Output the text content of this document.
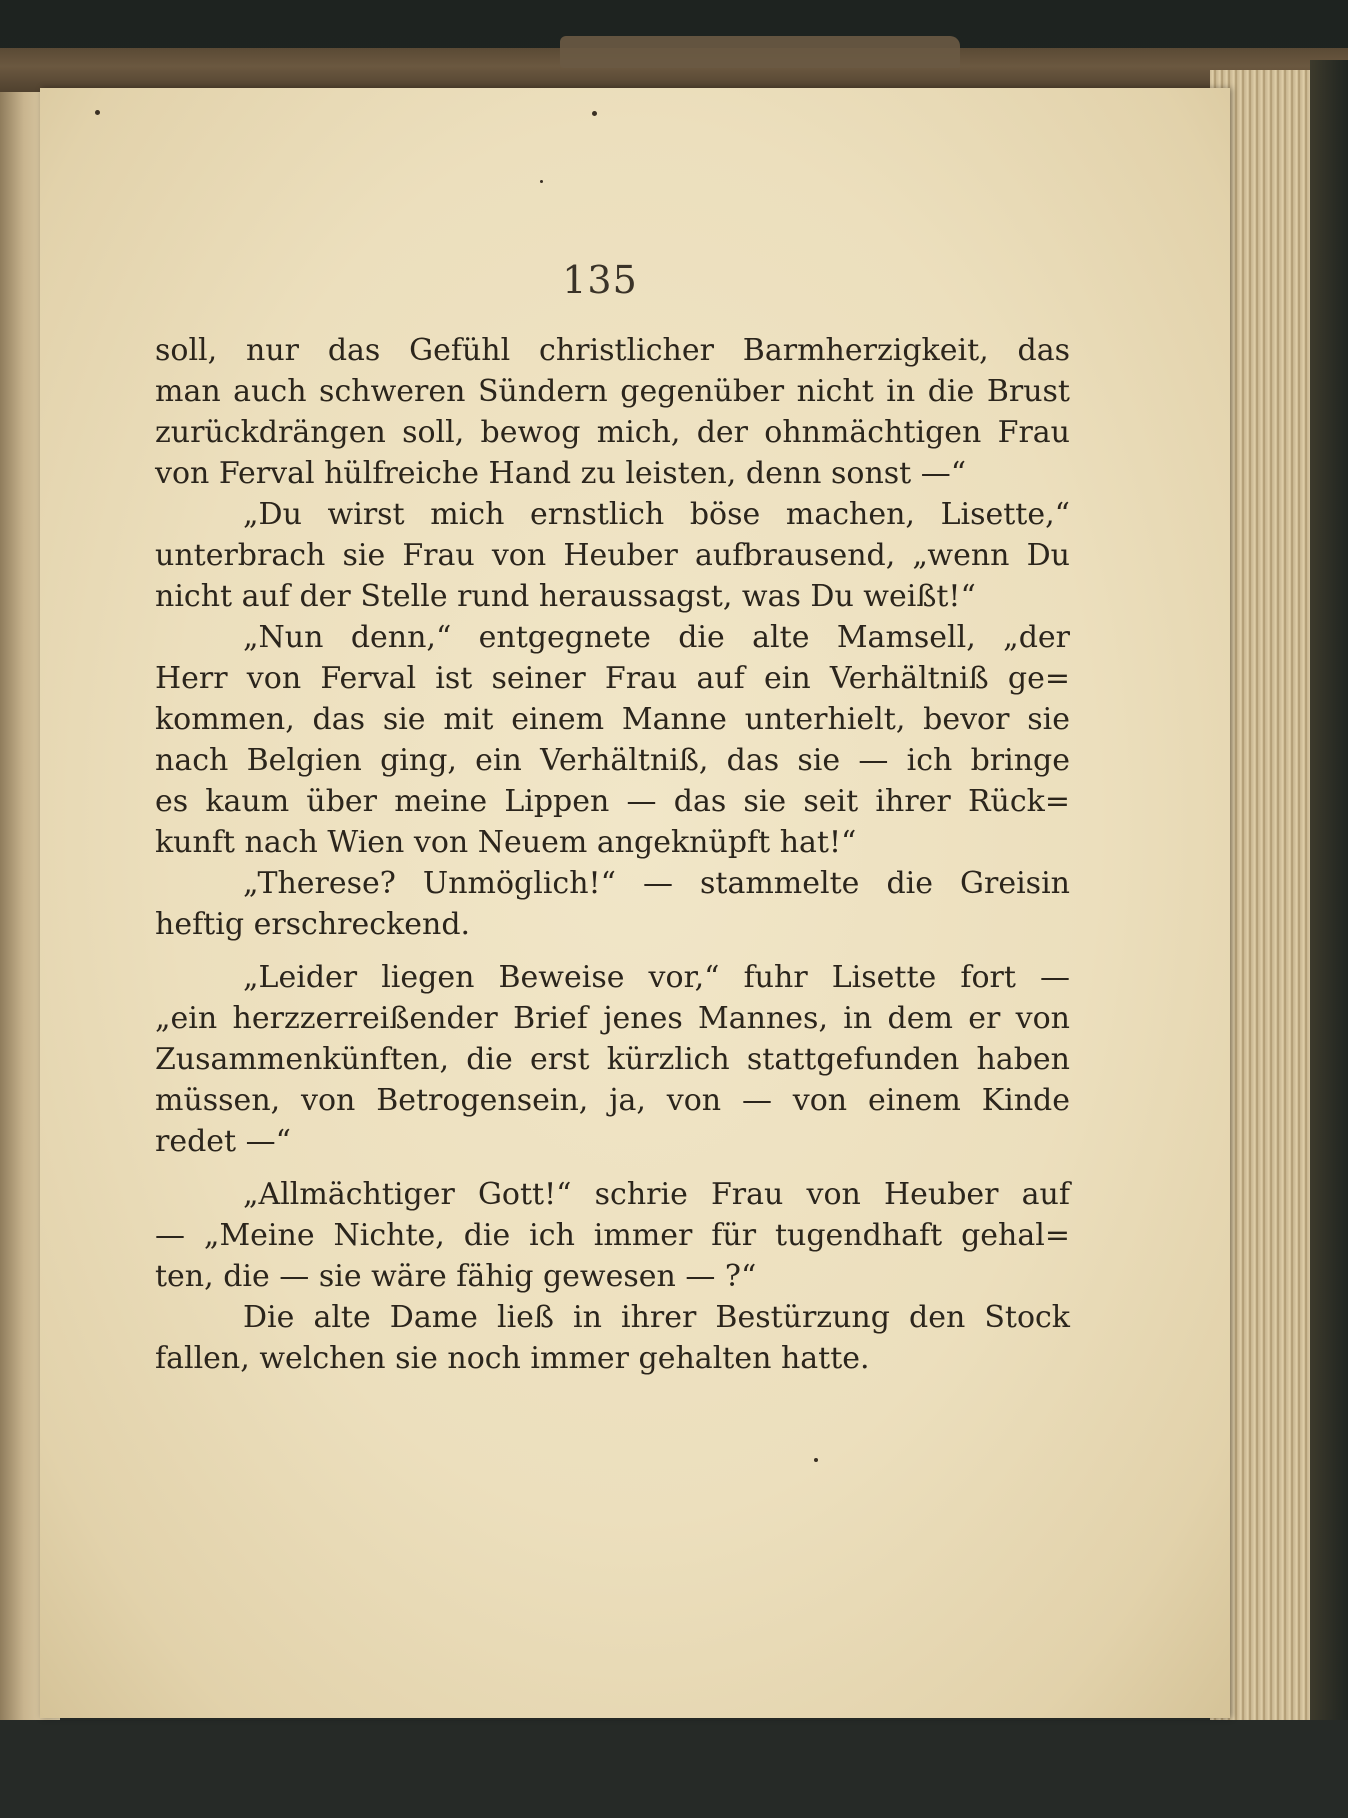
135
soll, nur das Gefühl christlicher Barmherzigkeit, das
man auch schweren Sündern gegenüber nicht in die Brust
zurückdrängen soll, bewog mich, der ohnmächtigen Frau
von Ferval hülfreiche Hand zu leisten, denn sonst —“
„Du wirst mich ernstlich böse machen, Lisette,“
unterbrach sie Frau von Heuber aufbrausend, „wenn Du
nicht auf der Stelle rund heraussagst, was Du weißt!“
„Nun denn,“ entgegnete die alte Mamsell, „der
Herr von Ferval ist seiner Frau auf ein Verhältniß ge=
kommen, das sie mit einem Manne unterhielt, bevor sie
nach Belgien ging, ein Verhältniß, das sie — ich bringe
es kaum über meine Lippen — das sie seit ihrer Rück=
kunft nach Wien von Neuem angeknüpft hat!“
„Therese? Unmöglich!“ — stammelte die Greisin
heftig erschreckend.
„Leider liegen Beweise vor,“ fuhr Lisette fort —
„ein herzzerreißender Brief jenes Mannes, in dem er von
Zusammenkünften, die erst kürzlich stattgefunden haben
müssen, von Betrogensein, ja, von — von einem Kinde
redet —“
„Allmächtiger Gott!“ schrie Frau von Heuber auf
— „Meine Nichte, die ich immer für tugendhaft gehal=
ten, die — sie wäre fähig gewesen — ?“
Die alte Dame ließ in ihrer Bestürzung den Stock
fallen, welchen sie noch immer gehalten hatte.
